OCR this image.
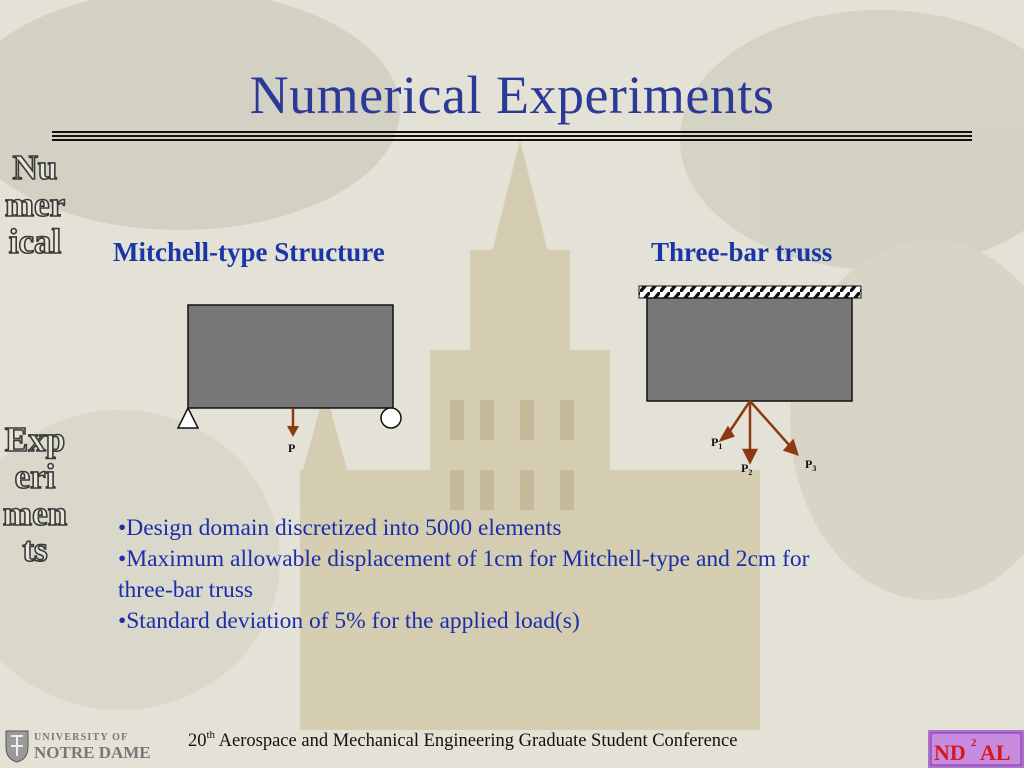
Numerical Experiments
Numerical
Experiments
Mitchell-type Structure	Three-bar truss
P	$P_1$
$P_2$
$P_3$
•Design domain discretized into 5000 elements
•Maximum allowable displacement of 1cm for Mitchell-type and 2cm for
three-bar truss
•Standard deviation of 5% for the applied load(s)
UNIVERSITY OF
NOTRE DAME
20th Aerospace and Mechanical Engineering Graduate Student Conference	ND 2 AL
